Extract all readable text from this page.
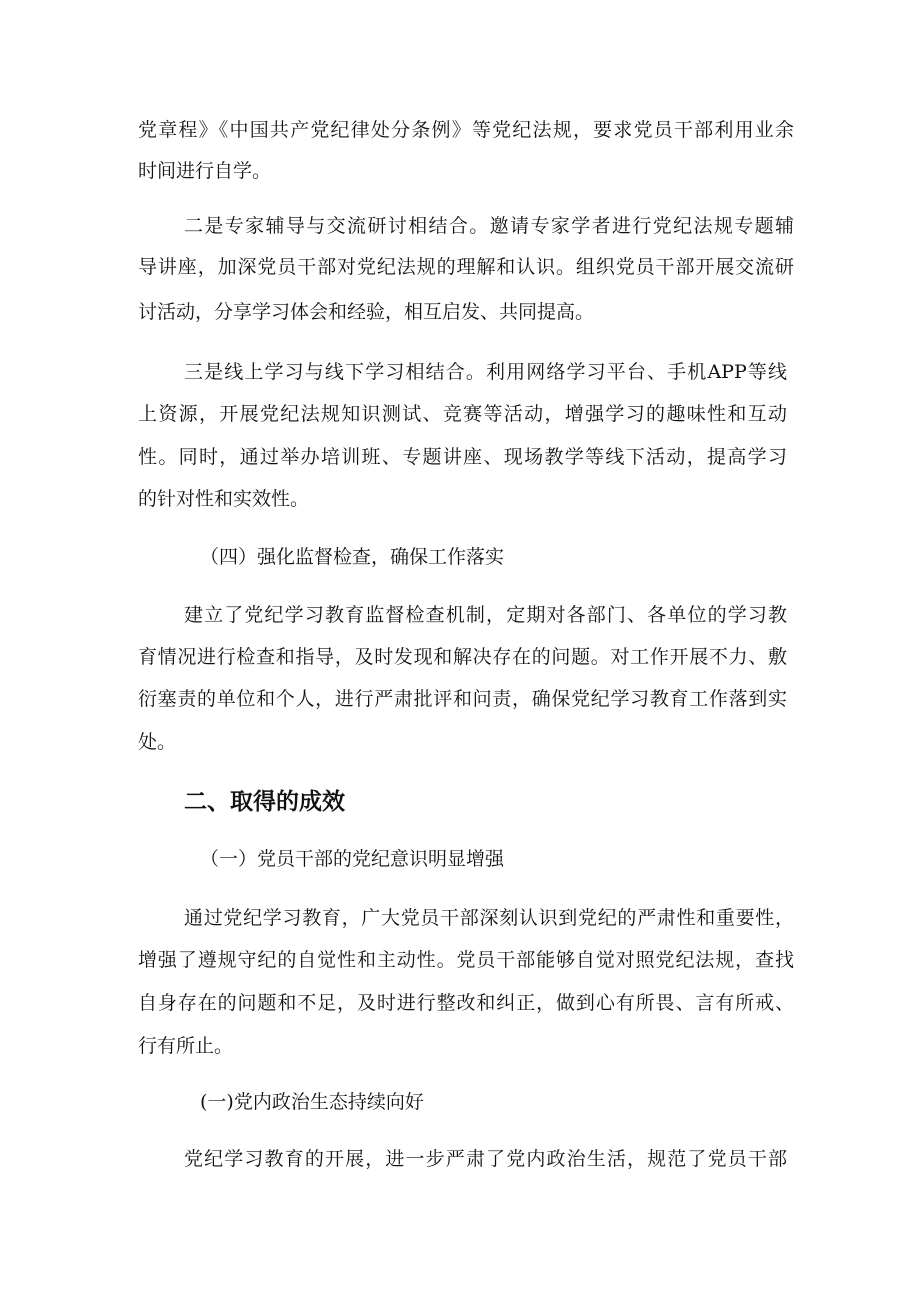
党章程》《中国共产党纪律处分条例》等党纪法规，要求党员干部利用业余
时间进行自学。
二是专家辅导与交流研讨相结合。邀请专家学者进行党纪法规专题辅
导讲座，加深党员干部对党纪法规的理解和认识。组织党员干部开展交流研
讨活动，分享学习体会和经验，相互启发、共同提高。
三是线上学习与线下学习相结合。利用网络学习平台、手机APP等线
上资源，开展党纪法规知识测试、竞赛等活动，增强学习的趣味性和互动
性。同时，通过举办培训班、专题讲座、现场教学等线下活动，提高学习
的针对性和实效性。
（四）强化监督检查，确保工作落实
建立了党纪学习教育监督检查机制，定期对各部门、各单位的学习教
育情况进行检查和指导，及时发现和解决存在的问题。对工作开展不力、敷
衍塞责的单位和个人，进行严肃批评和问责，确保党纪学习教育工作落到实
处。
二、取得的成效
（一）党员干部的党纪意识明显增强
通过党纪学习教育，广大党员干部深刻认识到党纪的严肃性和重要性，
增强了遵规守纪的自觉性和主动性。党员干部能够自觉对照党纪法规，查找
自身存在的问题和不足，及时进行整改和纠正，做到心有所畏、言有所戒、
行有所止。
(一)党内政治生态持续向好
党纪学习教育的开展，进一步严肃了党内政治生活，规范了党员干部
